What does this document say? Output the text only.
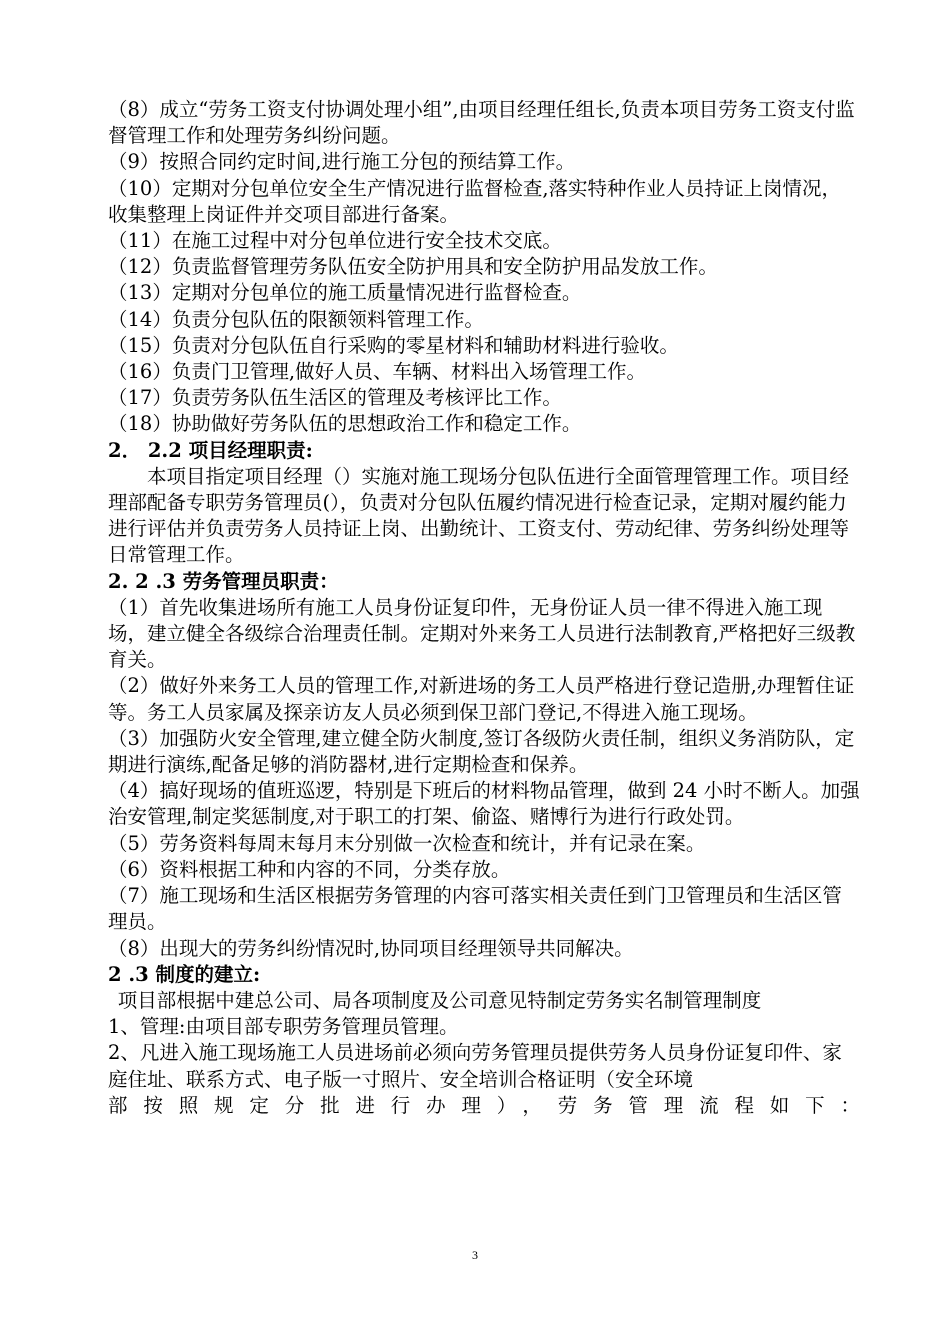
（8）成立“劳务工资支付协调处理小组”,由项目经理任组长,负责本项目劳务工资支付监督管理工作和处理劳务纠纷问题。

（9）按照合同约定时间,进行施工分包的预结算工作。

（10）定期对分包单位安全生产情况进行监督检查,落实特种作业人员持证上岗情况，收集整理上岗证件并交项目部进行备案。

（11）在施工过程中对分包单位进行安全技术交底。

（12）负责监督管理劳务队伍安全防护用具和安全防护用品发放工作。

（13）定期对分包单位的施工质量情况进行监督检查。

（14）负责分包队伍的限额领料管理工作。

（15）负责对分包队伍自行采购的零星材料和辅助材料进行验收。

（16）负责门卫管理,做好人员、车辆、材料出入场管理工作。

（17）负责劳务队伍生活区的管理及考核评比工作。

（18）协助做好劳务队伍的思想政治工作和稳定工作。

2． 2.2 项目经理职责:

本项目指定项目经理（）实施对施工现场分包队伍进行全面管理管理工作。项目经理部配备专职劳务管理员(），负责对分包队伍履约情况进行检查记录，定期对履约能力进行评估并负责劳务人员持证上岗、出勤统计、工资支付、劳动纪律、劳务纠纷处理等日常管理工作。

2. 2 .3 劳务管理员职责：

（1）首先收集进场所有施工人员身份证复印件，无身份证人员一律不得进入施工现场，建立健全各级综合治理责任制。定期对外来务工人员进行法制教育,严格把好三级教育关。

（2）做好外来务工人员的管理工作,对新进场的务工人员严格进行登记造册,办理暂住证等。务工人员家属及探亲访友人员必须到保卫部门登记,不得进入施工现场。

（3）加强防火安全管理,建立健全防火制度,签订各级防火责任制，组织义务消防队，定期进行演练,配备足够的消防器材,进行定期检查和保养。

（4）搞好现场的值班巡逻，特别是下班后的材料物品管理，做到 24 小时不断人。加强治安管理,制定奖惩制度,对于职工的打架、偷盗、赌博行为进行行政处罚。

（5）劳务资料每周末每月末分别做一次检查和统计，并有记录在案。

（6）资料根据工种和内容的不同，分类存放。

（7）施工现场和生活区根据劳务管理的内容可落实相关责任到门卫管理员和生活区管理员。

（8）出现大的劳务纠纷情况时,协同项目经理领导共同解决。

2 .3 制度的建立:

项目部根据中建总公司、局各项制度及公司意见特制定劳务实名制管理制度

1、管理:由项目部专职劳务管理员管理。

2、凡进入施工现场施工人员进场前必须向劳务管理员提供劳务人员身份证复印件、家庭住址、联系方式、电子版一寸照片、安全培训合格证明（安全环境

部按照规定分批进行办理），劳务管理流程如下：

3
